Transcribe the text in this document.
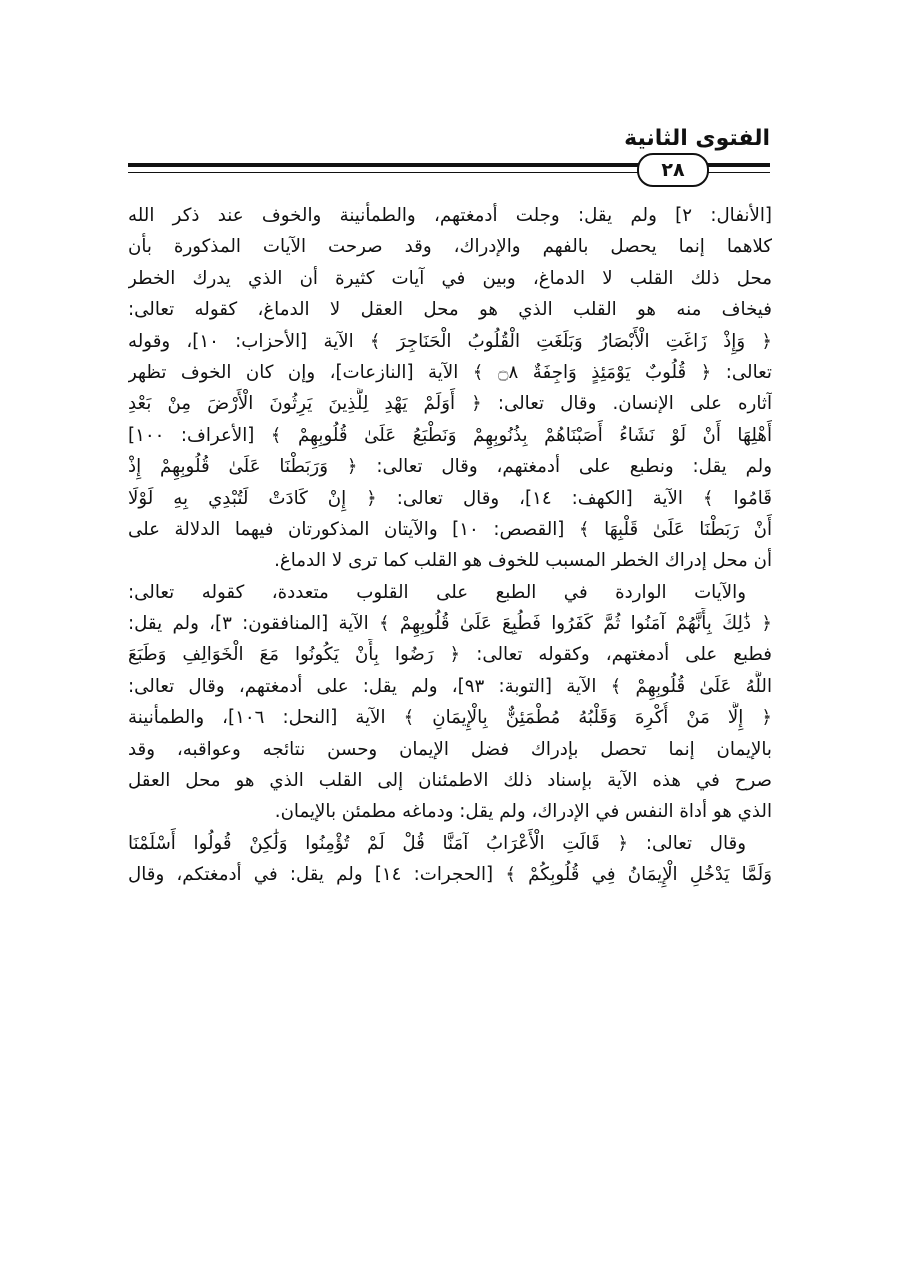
الفتوى الثانية
٢٨
[الأنفال: ٢] ولم يقل: وجلت أدمغتهم، والطمأنينة والخوف عند ذكر الله
كلاهما إنما يحصل بالفهم والإدراك، وقد صرحت الآيات المذكورة بأن
محل ذلك القلب لا الدماغ، وبين في آيات كثيرة أن الذي يدرك الخطر
فيخاف منه هو القلب الذي هو محل العقل لا الدماغ، كقوله تعالى:
﴿ وَإِذْ زَاغَتِ الْأَبْصَارُ وَبَلَغَتِ الْقُلُوبُ الْحَنَاجِرَ ﴾ الآية [الأحزاب: ١٠]، وقوله
تعالى: ﴿ قُلُوبٌ يَوْمَئِذٍ وَاجِفَةٌ ۝٨ ﴾ الآية [النازعات]، وإن كان الخوف تظهر
آثاره على الإنسان. وقال تعالى: ﴿ أَوَلَمْ يَهْدِ لِلَّذِينَ يَرِثُونَ الْأَرْضَ مِنْ بَعْدِ
أَهْلِهَا أَنْ لَوْ نَشَاءُ أَصَبْنَاهُمْ بِذُنُوبِهِمْ وَنَطْبَعُ عَلَىٰ قُلُوبِهِمْ ﴾ [الأعراف: ١٠٠]
ولم يقل: ونطبع على أدمغتهم، وقال تعالى: ﴿ وَرَبَطْنَا عَلَىٰ قُلُوبِهِمْ إِذْ
قَامُوا ﴾ الآية [الكهف: ١٤]، وقال تعالى: ﴿ إِنْ كَادَتْ لَتُبْدِي بِهِ لَوْلَا
أَنْ رَبَطْنَا عَلَىٰ قَلْبِهَا ﴾ [القصص: ١٠] والآيتان المذكورتان فيهما الدلالة على
أن محل إدراك الخطر المسبب للخوف هو القلب كما ترى لا الدماغ.
والآيات الواردة في الطبع على القلوب متعددة، كقوله تعالى:
﴿ ذَٰلِكَ بِأَنَّهُمْ آمَنُوا ثُمَّ كَفَرُوا فَطُبِعَ عَلَىٰ قُلُوبِهِمْ ﴾ الآية [المنافقون: ٣]، ولم يقل:
فطبع على أدمغتهم، وكقوله تعالى: ﴿ رَضُوا بِأَنْ يَكُونُوا مَعَ الْخَوَالِفِ وَطَبَعَ
اللَّهُ عَلَىٰ قُلُوبِهِمْ ﴾ الآية [التوبة: ٩٣]، ولم يقل: على أدمغتهم، وقال تعالى:
﴿ إِلَّا مَنْ أُكْرِهَ وَقَلْبُهُ مُطْمَئِنٌّ بِالْإِيمَانِ ﴾ الآية [النحل: ١٠٦]، والطمأنينة
بالإيمان إنما تحصل بإدراك فضل الإيمان وحسن نتائجه وعواقبه، وقد
صرح في هذه الآية بإسناد ذلك الاطمئنان إلى القلب الذي هو محل العقل
الذي هو أداة النفس في الإدراك، ولم يقل: ودماغه مطمئن بالإيمان.
وقال تعالى: ﴿ قَالَتِ الْأَعْرَابُ آمَنَّا قُلْ لَمْ تُؤْمِنُوا وَلَٰكِنْ قُولُوا أَسْلَمْنَا
وَلَمَّا يَدْخُلِ الْإِيمَانُ فِي قُلُوبِكُمْ ﴾ [الحجرات: ١٤] ولم يقل: في أدمغتكم، وقال
